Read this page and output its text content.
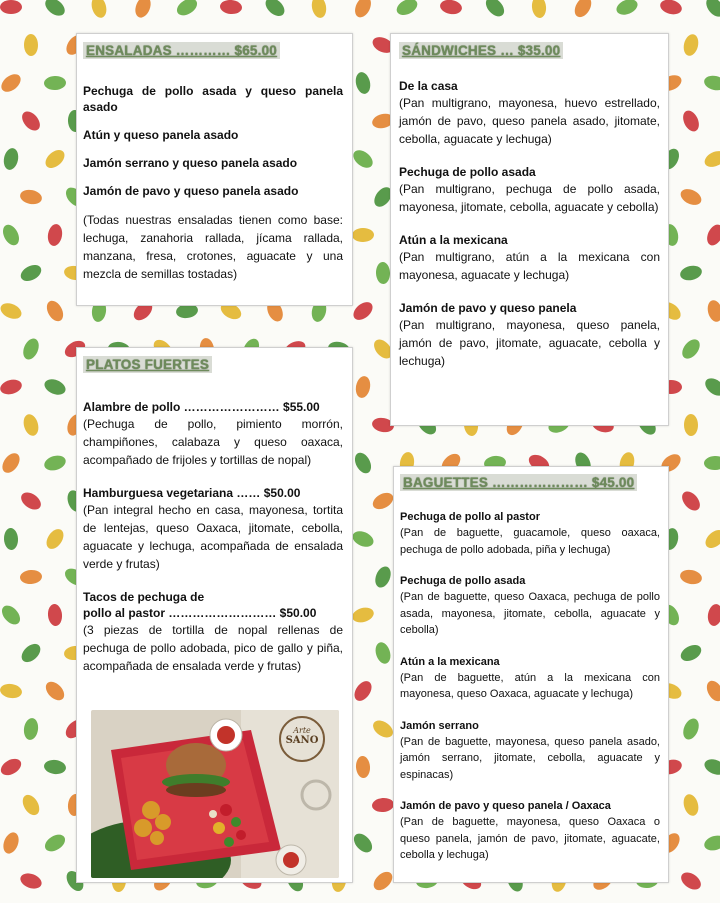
ENSALADAS ………… $65.00
Pechuga de pollo asada y queso panela asado
Atún y queso panela asado
Jamón serrano y queso panela asado
Jamón de pavo y queso panela asado
(Todas nuestras ensaladas tienen como base: lechuga, zanahoria rallada, jícama rallada, manzana, fresa, crotones, aguacate y una mezcla de semillas tostadas)
PLATOS FUERTES
Alambre de pollo …………………… $55.00
(Pechuga de pollo, pimiento morrón, champiñones, calabaza y queso oaxaca, acompañado de frijoles y tortillas de nopal)
Hamburguesa vegetariana …… $50.00
(Pan integral hecho en casa, mayonesa, tortita de lentejas, queso Oaxaca, jitomate, cebolla, aguacate y lechuga, acompañada de ensalada verde y frutas)
Tacos de pechuga de
pollo al pastor ……………………… $50.00
(3 piezas de tortilla de nopal rellenas de pechuga de pollo adobada, pico de gallo y piña, acompañada de ensalada verde y frutas)
Arte
SANO
SÁNDWICHES … $35.00
De la casa
(Pan multigrano, mayonesa, huevo estrellado, jamón de pavo, queso panela asado, jitomate, cebolla, aguacate y lechuga)
Pechuga de pollo asada
(Pan multigrano, pechuga de pollo asada, mayonesa, jitomate, cebolla, aguacate y cebolla)
Atún a la mexicana
(Pan multigrano, atún a la mexicana con mayonesa, aguacate y lechuga)
Jamón de pavo y queso panela
(Pan multigrano, mayonesa, queso panela, jamón de pavo, jitomate, aguacate, cebolla y lechuga)
BAGUETTES ………………… $45.00
Pechuga de pollo al pastor
(Pan de baguette, guacamole, queso oaxaca, pechuga de pollo adobada, piña y lechuga)
Pechuga de pollo asada
(Pan de baguette, queso Oaxaca, pechuga de pollo asada, mayonesa, jitomate, cebolla, aguacate y cebolla)
Atún a la mexicana
(Pan de baguette, atún a la mexicana con mayonesa, queso Oaxaca, aguacate y lechuga)
Jamón serrano
(Pan de baguette, mayonesa, queso panela asado, jamón serrano, jitomate, cebolla, aguacate y espinacas)
Jamón de pavo y queso panela / Oaxaca
(Pan de baguette, mayonesa, queso Oaxaca o queso panela, jamón de pavo, jitomate, aguacate, cebolla y lechuga)
